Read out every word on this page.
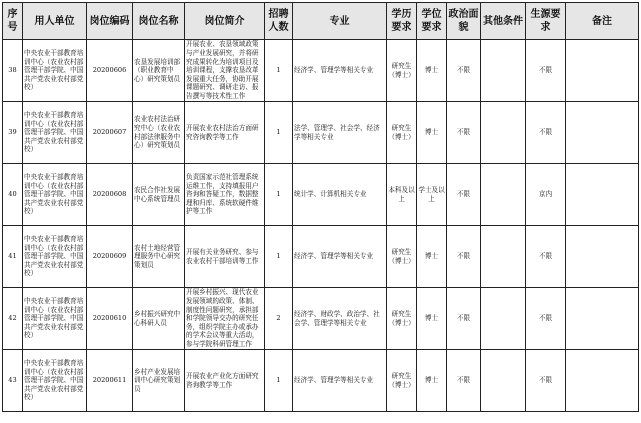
序号	用人单位	岗位编码	岗位名称	岗位简介	招聘人数	专业	学历要求	学位要求	政治面貌	其他条件	生源要求	备注
38	中央农业干部教育培训中心（农业农村部管理干部学院、中国共产党农业农村部党校）	20200606	农垦发展培训部（职业教育中心）研究策划员	开展农业、农垦领域政策与产业发展研究，并将研究成果转化为培训项目及培训课程，支撑农垦改革发展重大任务，协助开展课题研究、调研走访、报告撰写等技术性工作	1	经济学、管理学等相关专业	研究生（博士）	博士	不限		不限	
39	中央农业干部教育培训中心（农业农村部管理干部学院、中国共产党农业农村部党校）	20200607	农业农村法治研究中心（农业农村部法律服务中心）研究策划员	开展农业农村法治方面研究咨询教学等工作	1	法学、管理学、社会学、经济学等相关专业	研究生（博士）	博士	不限		不限	
40	中央农业干部教育培训中心（农业农村部管理干部学院、中国共产党农业农村部党校）	20200608	农民合作社发展中心系统管理员	负责国家示范社管理系统运维工作，支持填报用户咨询和答疑工作，数据整理和归库、系统软硬件维护等工作	1	统计学、计算机相关专业	本科及以上	学士及以上	不限		京内	
41	中央农业干部教育培训中心（农业农村部管理干部学院、中国共产党农业农村部党校）	20200609	农村土地经营管理服务中心研究策划员	开展有关业务研究、参与农业农村干部培训等工作	1	经济学、管理学等相关专业	研究生（博士）	博士	不限		不限	
42	中央农业干部教育培训中心（农业农村部管理干部学院、中国共产党农业农村部党校）	20200610	乡村振兴研究中心科研人员	开展乡村振兴、现代农业发展领域的政策、体制、制度性问题研究，承担部和学院领导交办的研究任务，组织学院主办或承办的学术会议等重大活动，参与学院科研管理工作	2	经济学、财政学、政治学、社会学、管理学等相关专业	研究生（博士）	博士	不限		不限	
43	中央农业干部教育培训中心（农业农村部管理干部学院、中国共产党农业农村部党校）	20200611	乡村产业发展培训中心研究策划员	开展农业产业化方面研究咨询教学等工作	1	经济学、管理学等相关专业	研究生（博士）	博士	不限		不限	
